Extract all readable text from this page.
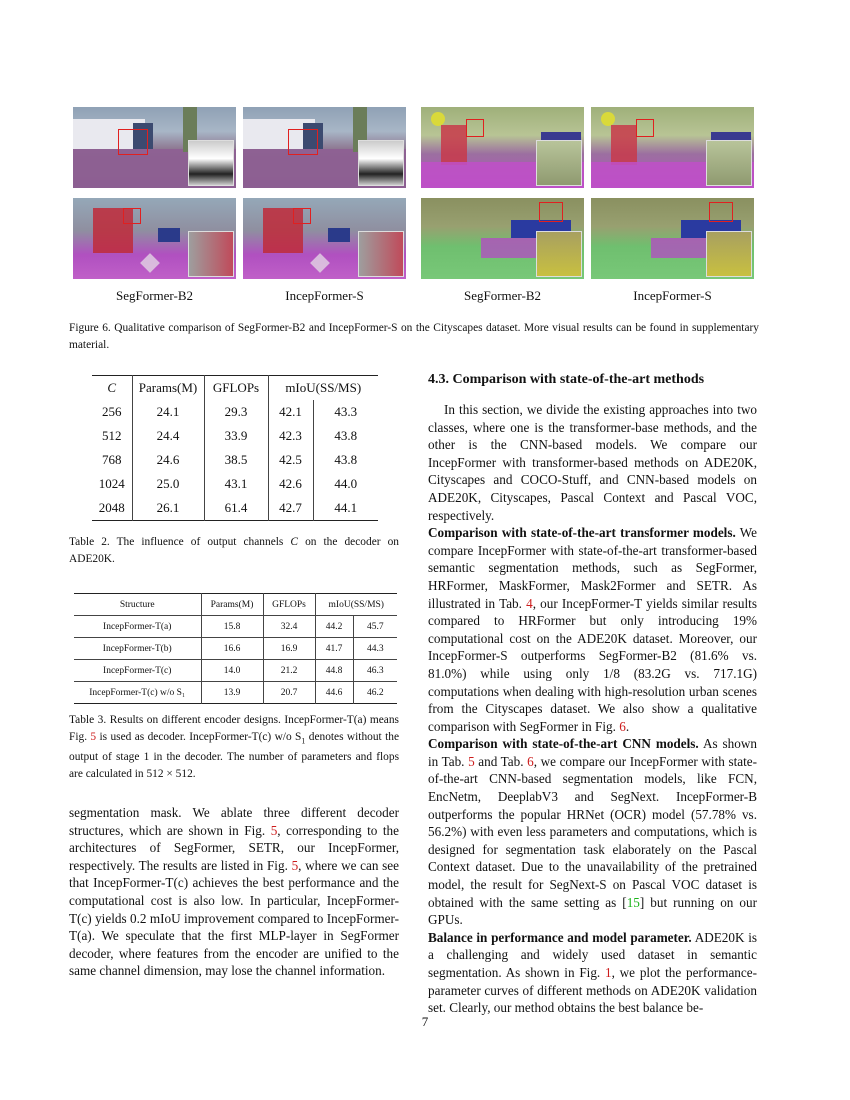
SegFormer-B2	IncepFormer-S	SegFormer-B2	IncepFormer-S
Figure 6. Qualitative comparison of SegFormer-B2 and IncepFormer-S on the Cityscapes dataset. More visual results can be found in supplementary material.
C	Params(M)	GFLOPs	mIoU(SS/MS)	
256	24.1	29.3	42.1	43.3
512	24.4	33.9	42.3	43.8
768	24.6	38.5	42.5	43.8
1024	25.0	43.1	42.6	44.0
2048	26.1	61.4	42.7	44.1
Table 2. The influence of output channels C on the decoder on ADE20K.
Structure	Params(M)	GFLOPs	mIoU(SS/MS)	
IncepFormer-T(a)	15.8	32.4	44.2	45.7
IncepFormer-T(b)	16.6	16.9	41.7	44.3
IncepFormer-T(c)	14.0	21.2	44.8	46.3
IncepFormer-T(c) w/o S₁	13.9	20.7	44.6	46.2
Table 3. Results on different encoder designs. IncepFormer-T(a) means Fig. 5 is used as decoder. IncepFormer-T(c) w/o $S_1$ denotes without the output of stage 1 in the decoder. The number of parameters and flops are calculated in 512 × 512.

segmentation mask. We ablate three different decoder structures, which are shown in Fig. 5, corresponding to the architectures of SegFormer, SETR, our IncepFormer, respectively. The results are listed in Fig. 5, where we can see that IncepFormer-T(c) achieves the best performance and the computational cost is also low. In particular, IncepFormer-T(c) yields 0.2 mIoU improvement compared to IncepFormer-T(a). We speculate that the first MLP-layer in SegFormer decoder, where features from the encoder are unified to the same channel dimension, may lose the channel information.

4.3. Comparison with state-of-the-art methods

In this section, we divide the existing approaches into two classes, where one is the transformer-base methods, and the other is the CNN-based models. We compare our IncepFormer with transformer-based methods on ADE20K, Cityscapes and COCO-Stuff, and CNN-based models on ADE20K, Cityscapes, Pascal Context and Pascal VOC, respectively.

Comparison with state-of-the-art transformer models. We compare IncepFormer with state-of-the-art transformer-based semantic segmentation methods, such as SegFormer, HRFormer, MaskFormer, Mask2Former and SETR. As illustrated in Tab. 4, our IncepFormer-T yields similar results compared to HRFormer but only introducing 19% computational cost on the ADE20K dataset. Moreover, our IncepFormer-S outperforms SegFormer-B2 (81.6% vs. 81.0%) while using only 1/8 (83.2G vs. 717.1G) computations when dealing with high-resolution urban scenes from the Cityscapes dataset. We also show a qualitative comparison with SegFormer in Fig. 6.

Comparison with state-of-the-art CNN models. As shown in Tab. 5 and Tab. 6, we compare our IncepFormer with state-of-the-art CNN-based segmentation models, like FCN, EncNetm, DeeplabV3 and SegNext. IncepFormer-B outperforms the popular HRNet (OCR) model (57.78% vs. 56.2%) with even less parameters and computations, which is designed for segmentation task elaborately on the Pascal Context dataset. Due to the unavailability of the pretrained model, the result for SegNext-S on Pascal VOC dataset is obtained with the same setting as [15] but running on our GPUs.

Balance in performance and model parameter. ADE20K is a challenging and widely used dataset in semantic segmentation. As shown in Fig. 1, we plot the performance-parameter curves of different methods on ADE20K validation set. Clearly, our method obtains the best balance be-

7
